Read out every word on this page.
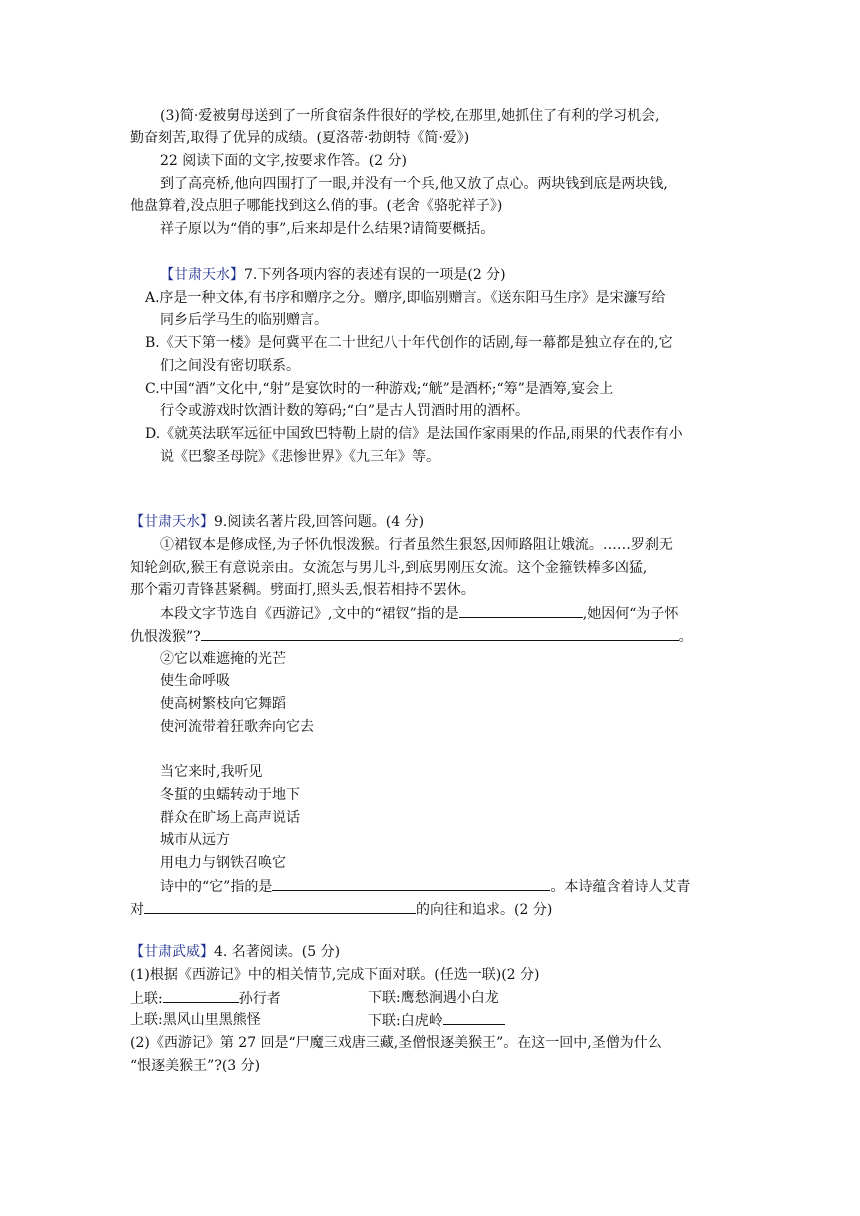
(3)简·爱被舅母送到了一所食宿条件很好的学校,在那里,她抓住了有利的学习机会,
勤奋刻苦,取得了优异的成绩。(夏洛蒂·勃朗特《简·爱》)
22 阅读下面的文字,按要求作答。(2 分)
到了高亮桥,他向四围打了一眼,并没有一个兵,他又放了点心。两块钱到底是两块钱,
他盘算着,没点胆子哪能找到这么俏的事。(老舍《骆驼祥子》)
祥子原以为“俏的事”,后来却是什么结果?请简要概括。
【甘肃天水】7.下列各项内容的表述有误的一项是(2 分)
A.序是一种文体,有书序和赠序之分。赠序,即临别赠言。《送东阳马生序》是宋濂写给
同乡后学马生的临别赠言。
B.《天下第一楼》是何冀平在二十世纪八十年代创作的话剧,每一幕都是独立存在的,它
们之间没有密切联系。
C.中国“酒”文化中,“射”是宴饮时的一种游戏;“觥”是酒杯;“筹”是酒筹,宴会上
行令或游戏时饮酒计数的筹码;“白”是古人罚酒时用的酒杯。
D.《就英法联军远征中国致巴特勒上尉的信》是法国作家雨果的作品,雨果的代表作有小
说《巴黎圣母院》《悲惨世界》《九三年》等。
【甘肃天水】9.阅读名著片段,回答问题。(4 分)
①裙钗本是修成怪,为子怀仇恨泼猴。行者虽然生狠怒,因师路阻让娥流。……罗刹无
知轮剑砍,猴王有意说亲由。女流怎与男儿斗,到底男刚压女流。这个金箍铁棒多凶猛,
那个霜刃青锋甚紧稠。劈面打,照头丢,恨若相持不罢休。
本段文字节选自《西游记》,文中的“裙钗”指的是	,她因何“为子怀
仇恨泼猴”?	。
②它以难遮掩的光芒
使生命呼吸
使高树繁枝向它舞蹈
使河流带着狂歌奔向它去
当它来时,我听见
冬蜇的虫蠕转动于地下
群众在旷场上高声说话
城市从远方
用电力与钢铁召唤它
诗中的“它”指的是	。本诗蕴含着诗人艾青
对	的向往和追求。(2 分)
【甘肃武威】4. 名著阅读。(5 分)
(1)根据《西游记》中的相关情节,完成下面对联。(任选一联)(2 分)
上联:	孙行者	下联:鹰愁涧遇小白龙
上联:黑风山里黑熊怪	下联:白虎岭
(2)《西游记》第 27 回是“尸魔三戏唐三藏,圣僧恨逐美猴王”。在这一回中,圣僧为什么
“恨逐美猴王”?(3 分)
